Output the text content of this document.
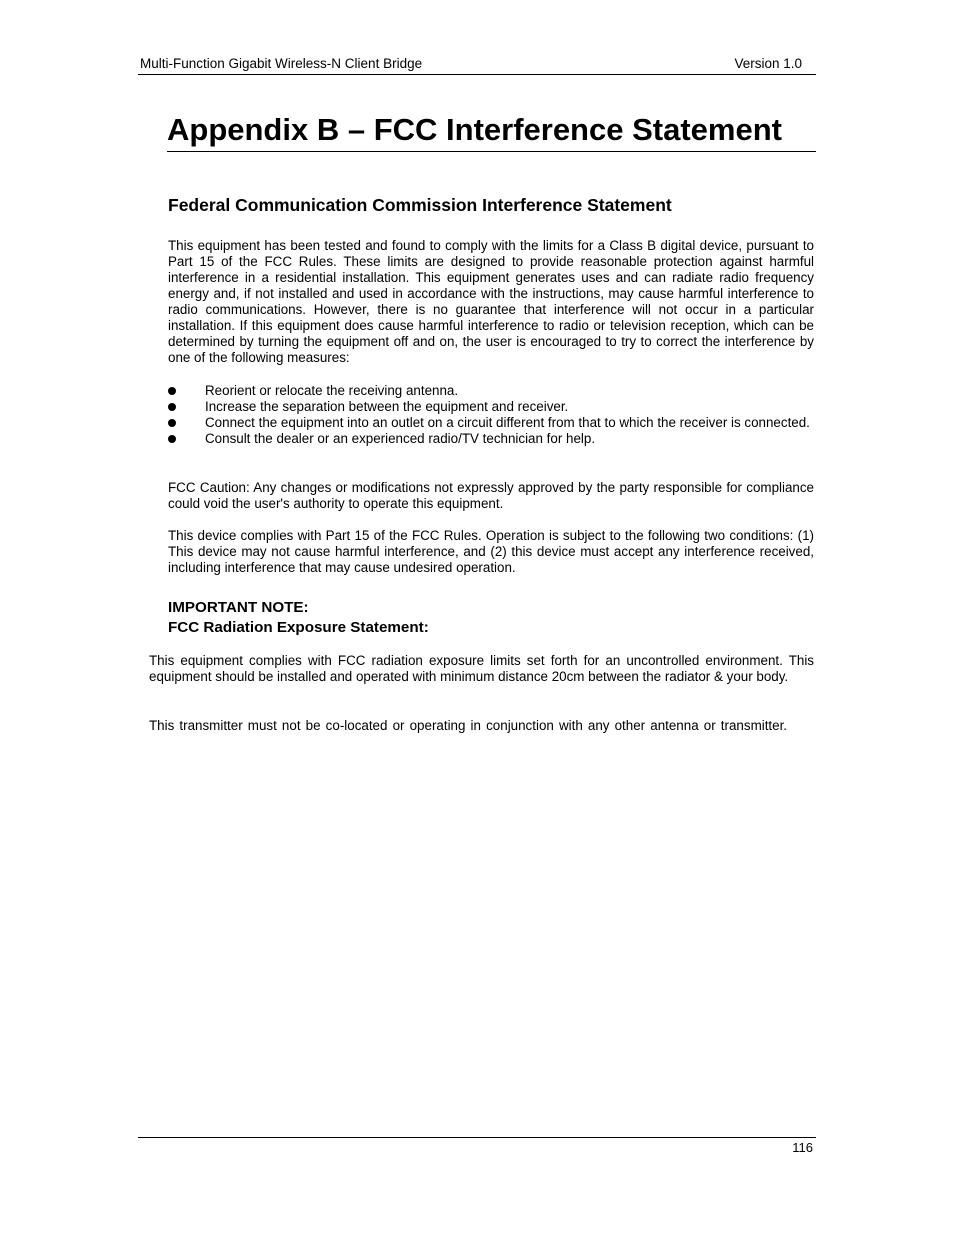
Multi-Function Gigabit Wireless-N Client Bridge	Version 1.0
Appendix B – FCC Interference Statement
Federal Communication Commission Interference Statement

This equipment has been tested and found to comply with the limits for a Class B digital device, pursuant to Part 15 of the FCC Rules. These limits are designed to provide reasonable protection against harmful interference in a residential installation. This equipment generates uses and can radiate radio frequency energy and, if not installed and used in accordance with the instructions, may cause harmful interference to radio communications. However, there is no guarantee that interference will not occur in a particular installation. If this equipment does cause harmful interference to radio or television reception, which can be determined by turning the equipment off and on, the user is encouraged to try to correct the interference by one of the following measures:

Reorient or relocate the receiving antenna.
Increase the separation between the equipment and receiver.
Connect the equipment into an outlet on a circuit different from that to which the receiver is connected.
Consult the dealer or an experienced radio/TV technician for help.

FCC Caution: Any changes or modifications not expressly approved by the party responsible for compliance could void the user's authority to operate this equipment.

This device complies with Part 15 of the FCC Rules. Operation is subject to the following two conditions: (1) This device may not cause harmful interference, and (2) this device must accept any interference received, including interference that may cause undesired operation.

IMPORTANT NOTE:
FCC Radiation Exposure Statement:

This equipment complies with FCC radiation exposure limits set forth for an uncontrolled environment. This equipment should be installed and operated with minimum distance 20cm between the radiator & your body.

This transmitter must not be co-located or operating in conjunction with any other antenna or transmitter.

116
